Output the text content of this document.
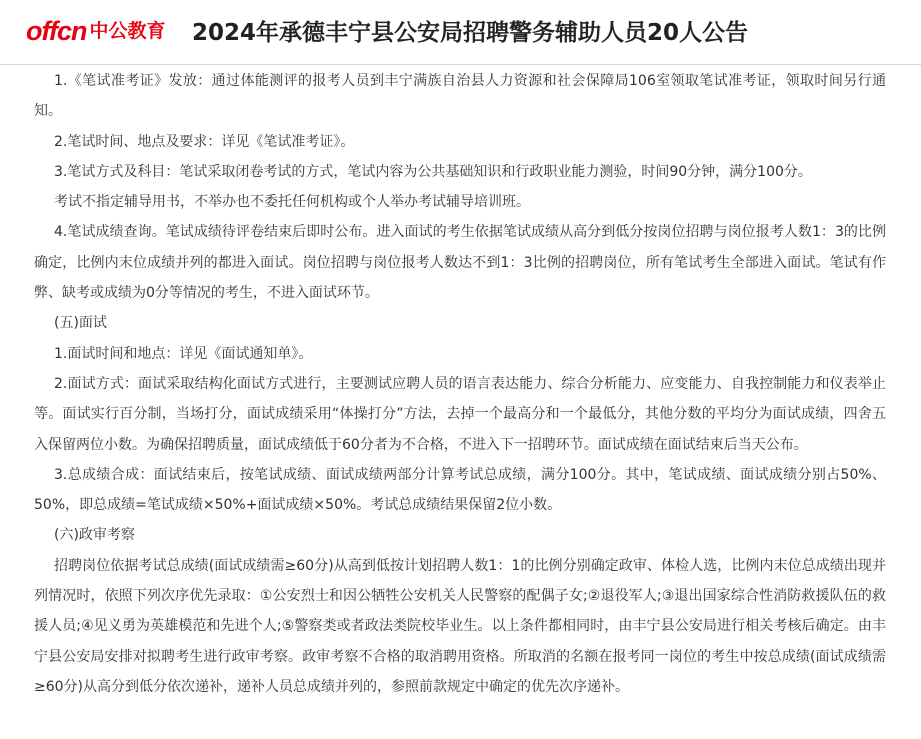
offcn 中公教育 2024年承德丰宁县公安局招聘警务辅助人员20人公告

1.《笔试准考证》发放：通过体能测评的报考人员到丰宁满族自治县人力资源和社会保障局106室领取笔试准考证，领取时间另行通知。

2.笔试时间、地点及要求：详见《笔试准考证》。

3.笔试方式及科目：笔试采取闭卷考试的方式，笔试内容为公共基础知识和行政职业能力测验，时间90分钟，满分100分。

考试不指定辅导用书，不举办也不委托任何机构或个人举办考试辅导培训班。

4.笔试成绩查询。笔试成绩待评卷结束后即时公布。进入面试的考生依据笔试成绩从高分到低分按岗位招聘与岗位报考人数1：3的比例确定，比例内末位成绩并列的都进入面试。岗位招聘与岗位报考人数达不到1：3比例的招聘岗位，所有笔试考生全部进入面试。笔试有作弊、缺考或成绩为0分等情况的考生，不进入面试环节。

(五)面试

1.面试时间和地点：详见《面试通知单》。

2.面试方式：面试采取结构化面试方式进行，主要测试应聘人员的语言表达能力、综合分析能力、应变能力、自我控制能力和仪表举止等。面试实行百分制，当场打分，面试成绩采用“体操打分”方法，去掉一个最高分和一个最低分，其他分数的平均分为面试成绩，四舍五入保留两位小数。为确保招聘质量，面试成绩低于60分者为不合格，不进入下一招聘环节。面试成绩在面试结束后当天公布。

3.总成绩合成：面试结束后，按笔试成绩、面试成绩两部分计算考试总成绩，满分100分。其中，笔试成绩、面试成绩分别占50%、50%，即总成绩=笔试成绩×50%+面试成绩×50%。考试总成绩结果保留2位小数。

(六)政审考察

招聘岗位依据考试总成绩(面试成绩需≥60分)从高到低按计划招聘人数1：1的比例分别确定政审、体检人选，比例内末位总成绩出现并列情况时，依照下列次序优先录取：①公安烈士和因公牺牲公安机关人民警察的配偶子女;②退役军人;③退出国家综合性消防救援队伍的救援人员;④见义勇为英雄模范和先进个人;⑤警察类或者政法类院校毕业生。以上条件都相同时，由丰宁县公安局进行相关考核后确定。由丰宁县公安局安排对拟聘考生进行政审考察。政审考察不合格的取消聘用资格。所取消的名额在报考同一岗位的考生中按总成绩(面试成绩需≥60分)从高分到低分依次递补，递补人员总成绩并列的，参照前款规定中确定的优先次序递补。
